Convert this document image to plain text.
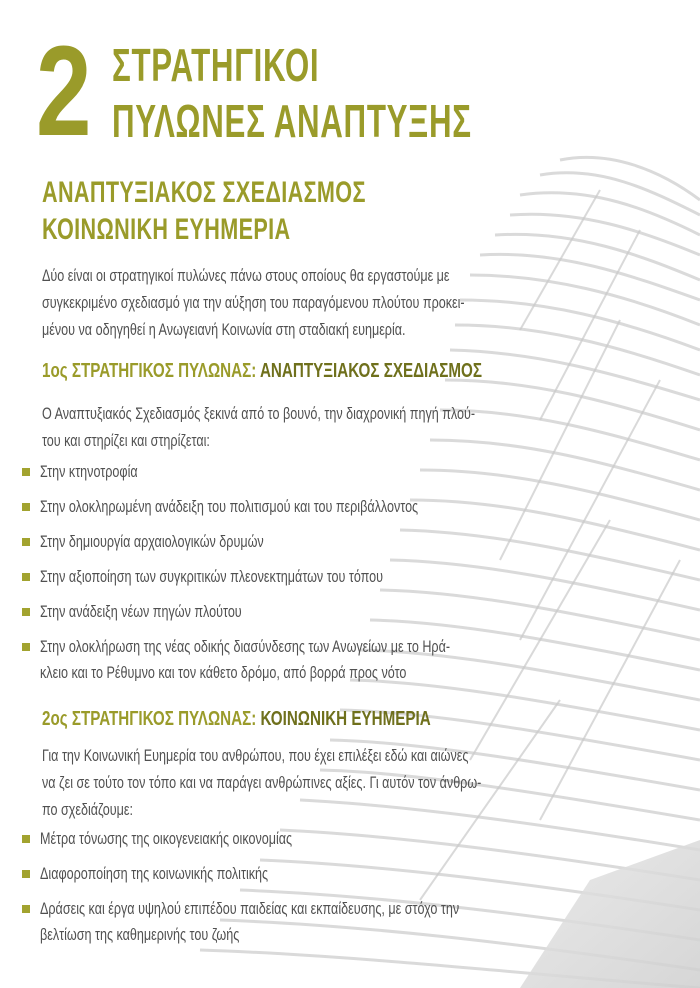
2 ΣΤΡΑΤΗΓΙΚΟΙ
ΠΥΛΩΝΕΣ ΑΝΑΠΤΥΞΗΣ
ΑΝΑΠΤΥΞΙΑΚΟΣ ΣΧΕΔΙΑΣΜΟΣ
ΚΟΙΝΩΝΙΚΗ ΕΥΗΜΕΡΙΑ
Δύο είναι οι στρατηγικοί πυλώνες πάνω στους οποίους θα εργαστούμε με
συγκεκριμένο σχεδιασμό για την αύξηση του παραγόμενου πλούτου προκει-
μένου να οδηγηθεί η Ανωγειανή Κοινωνία στη σταδιακή ευημερία.
1ος ΣΤΡΑΤΗΓΙΚΟΣ ΠΥΛΩΝΑΣ: ΑΝΑΠΤΥΞΙΑΚΟΣ ΣΧΕΔΙΑΣΜΟΣ
Ο Αναπτυξιακός Σχεδιασμός ξεκινά από το βουνό, την διαχρονική πηγή πλού-
του και στηρίζει και στηρίζεται:
Στην κτηνοτροφία
Στην ολοκληρωμένη ανάδειξη του πολιτισμού και του περιβάλλοντος
Στην δημιουργία αρχαιολογικών δρυμών
Στην αξιοποίηση των συγκριτικών πλεονεκτημάτων του τόπου
Στην ανάδειξη νέων πηγών πλούτου
Στην ολοκλήρωση της νέας οδικής διασύνδεσης των Ανωγείων με το Ηρά-
κλειο και το Ρέθυμνο και τον κάθετο δρόμο, από βορρά προς νότο
2ος ΣΤΡΑΤΗΓΙΚΟΣ ΠΥΛΩΝΑΣ: ΚΟΙΝΩΝΙΚΗ ΕΥΗΜΕΡΙΑ
Για την Κοινωνική Ευημερία του ανθρώπου, που έχει επιλέξει εδώ και αιώνες
να ζει σε τούτο τον τόπο και να παράγει ανθρώπινες αξίες. Γι αυτόν τον άνθρω-
πο σχεδιάζουμε:
Μέτρα τόνωσης της οικογενειακής οικονομίας
Διαφοροποίηση της κοινωνικής πολιτικής
Δράσεις και έργα υψηλού επιπέδου παιδείας και εκπαίδευσης, με στόχο την
βελτίωση της καθημερινής του ζωής
